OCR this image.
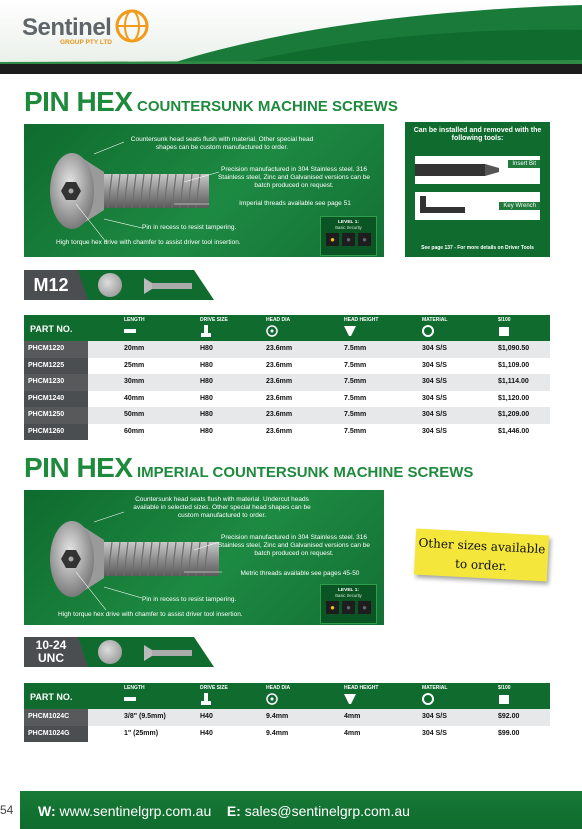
Sentinel
GROUP PTY LTD
PIN HEX COUNTERSUNK MACHINE SCREWS
Countersunk head seats flush with material. Other special head shapes can be custom manufactured to order.
Precision manufactured in 304 Stainless steel. 316 Stainless steel, Zinc and Galvanised versions can be batch produced on request.
Imperial threads available see page 51
Pin in recess to resist tampering.
High torque hex drive with chamfer to assist driver tool insertion.
LEVEL 1:
Basic Security
●	●	●
Can be installed and removed with the following tools:
Insert Bit
Key Wrench
See page 137 - For more details on Driver Tools
M12
PART NO.
LENGTH	DRIVE SIZE	HEAD DIA	HEAD HEIGHT	MATERIAL	$/100
PHCM1220	20mm	H80	23.6mm	7.5mm	304 S/S	$1,090.50
PHCM1225	25mm	H80	23.6mm	7.5mm	304 S/S	$1,109.00
PHCM1230	30mm	H80	23.6mm	7.5mm	304 S/S	$1,114.00
PHCM1240	40mm	H80	23.6mm	7.5mm	304 S/S	$1,120.00
PHCM1250	50mm	H80	23.6mm	7.5mm	304 S/S	$1,209.00
PHCM1260	60mm	H80	23.6mm	7.5mm	304 S/S	$1,446.00
PIN HEX IMPERIAL COUNTERSUNK MACHINE SCREWS
Countersunk head seats flush with material. Undercut heads available in selected sizes. Other special head shapes can be custom manufactured to order.
Precision manufactured in 304 Stainless steel. 316 Stainless steel, Zinc and Galvanised versions can be batch produced on request.
Metric threads available see pages 45-50
Pin in recess to resist tampering.
High torque hex drive with chamfer to assist driver tool insertion.
LEVEL 1:
Basic Security
●	●	●
Other sizes available
to order.
10-24
UNC
PART NO.
LENGTH	DRIVE SIZE	HEAD DIA	HEAD HEIGHT	MATERIAL	$/100
PHCM1024C	3/8" (9.5mm)	H40	9.4mm	4mm	304 S/S	$92.00
PHCM1024G	1" (25mm)	H40	9.4mm	4mm	304 S/S	$99.00
54	W: www.sentinelgrp.com.au E: sales@sentinelgrp.com.au
